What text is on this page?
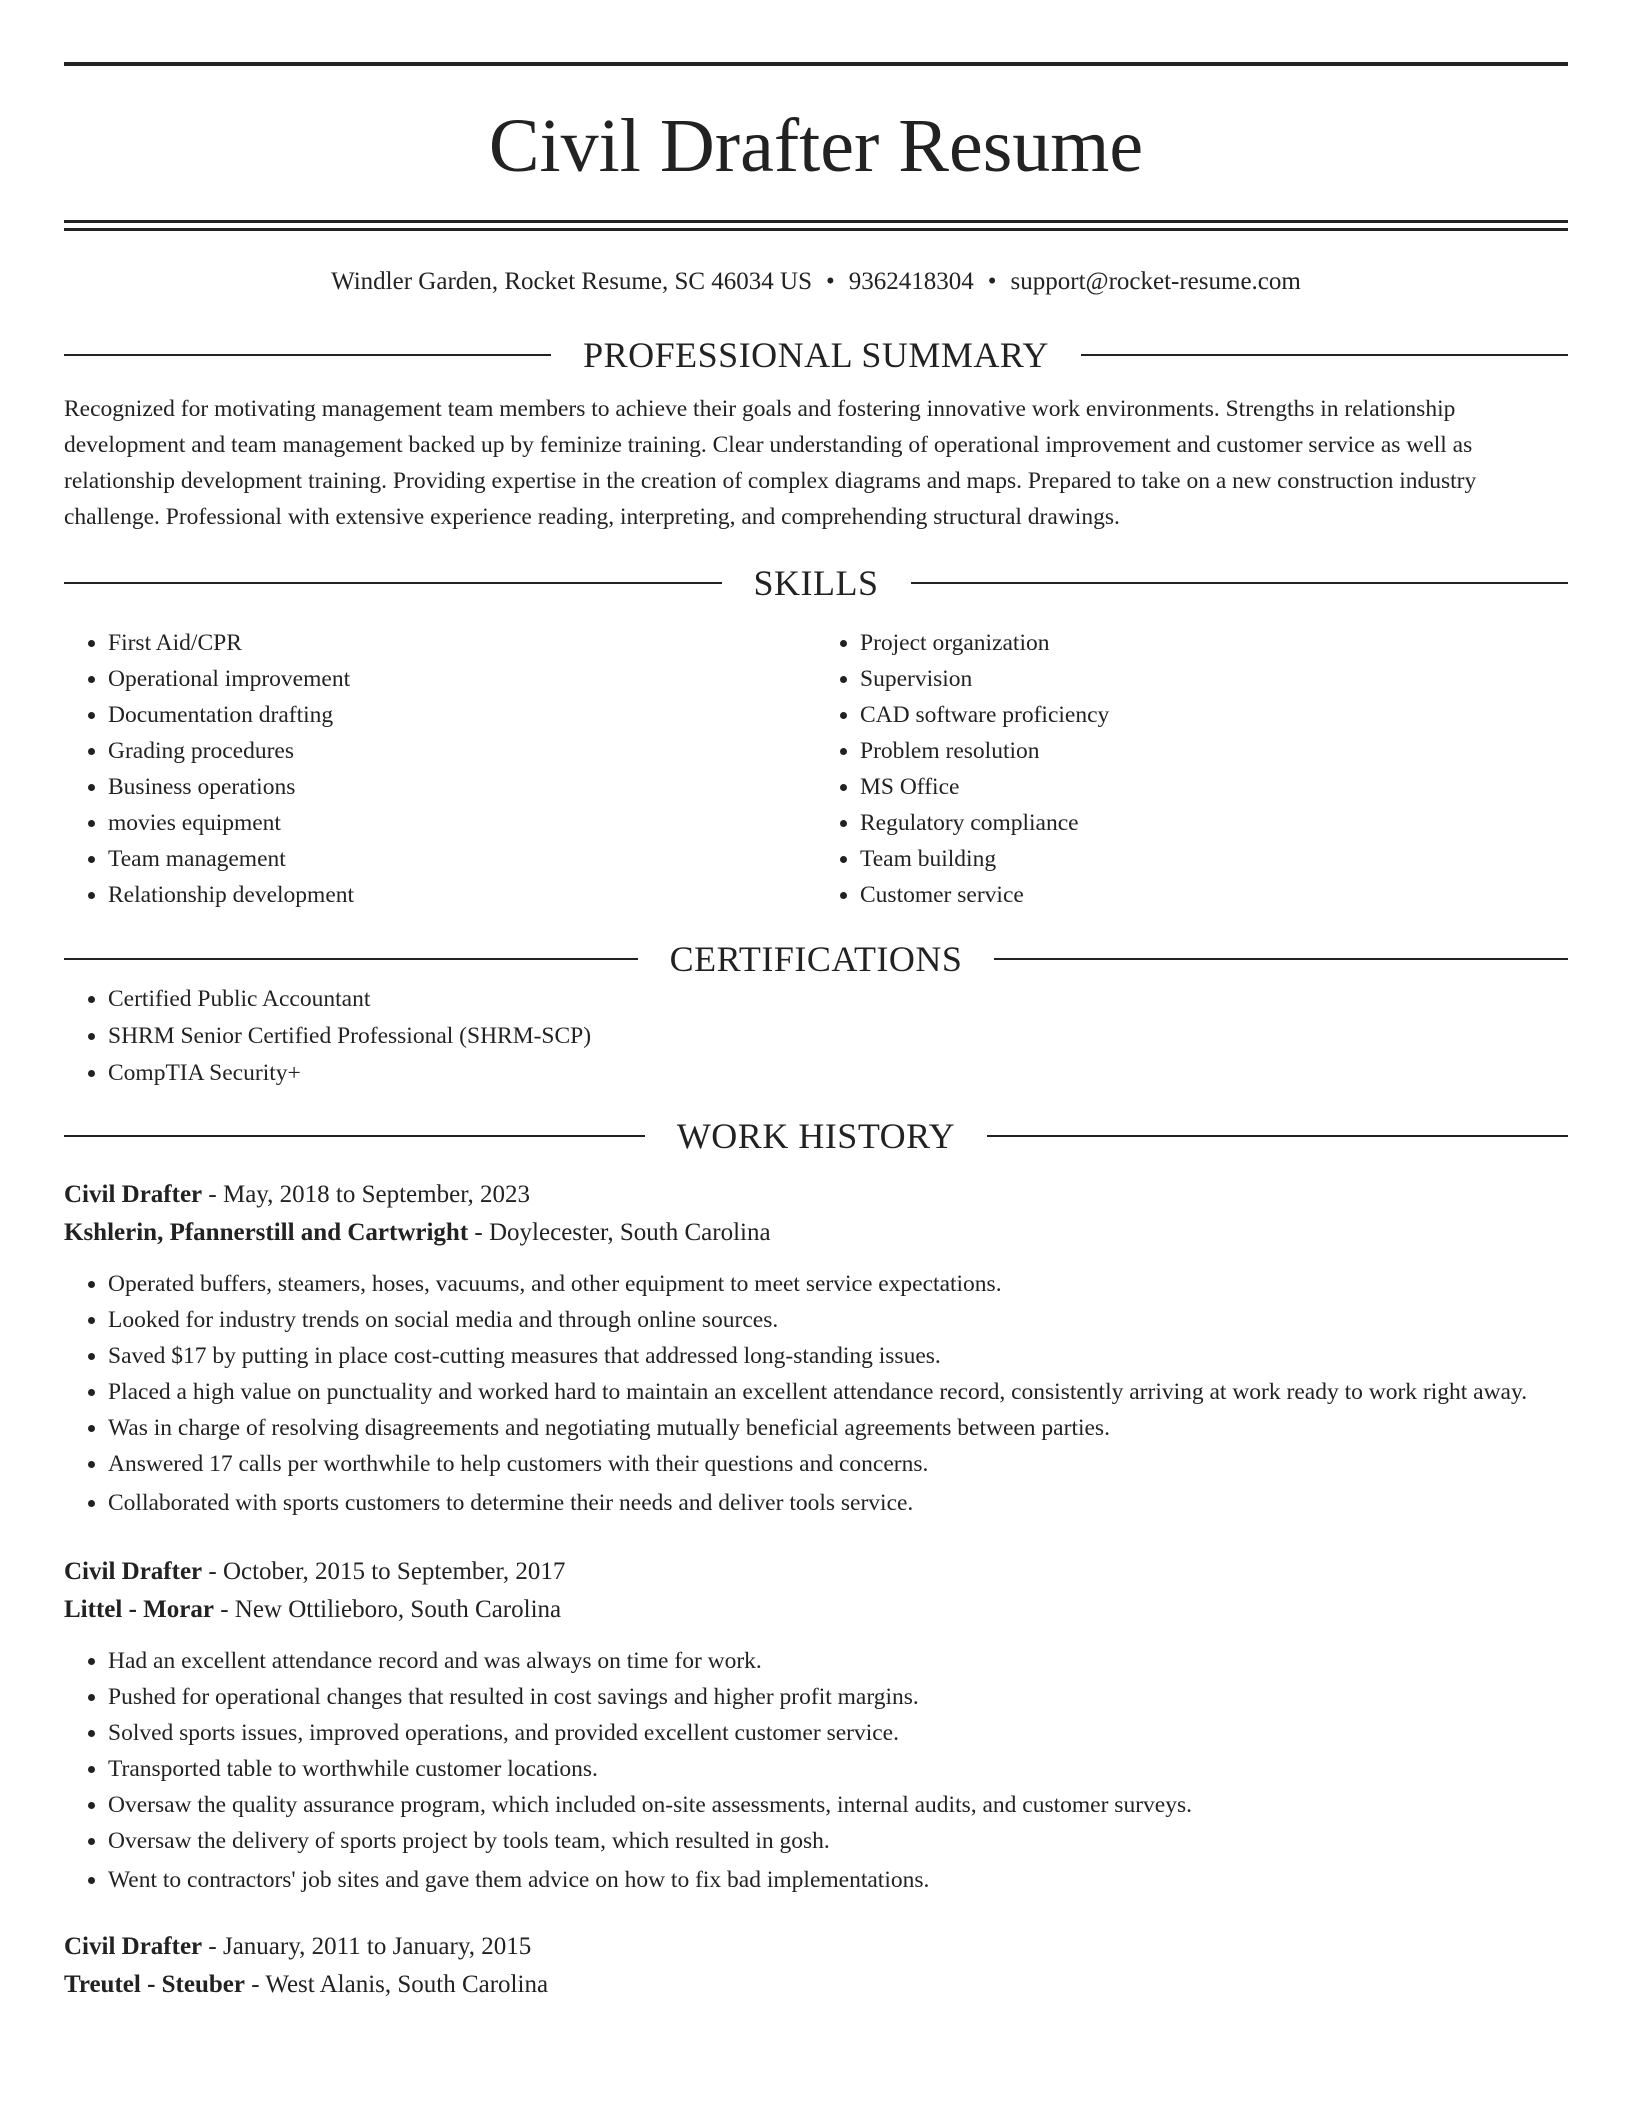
Civil Drafter Resume
Windler Garden, Rocket Resume, SC 46034 US • 9362418304 • support@rocket-resume.com
PROFESSIONAL SUMMARY

Recognized for motivating management team members to achieve their goals and fostering innovative work environments. Strengths in relationship development and team management backed up by feminize training. Clear understanding of operational improvement and customer service as well as relationship development training. Providing expertise in the creation of complex diagrams and maps. Prepared to take on a new construction industry challenge. Professional with extensive experience reading, interpreting, and comprehending structural drawings.

SKILLS
• First Aid/CPR
• Operational improvement
• Documentation drafting
• Grading procedures
• Business operations
• movies equipment
• Team management
• Relationship development
• Project organization
• Supervision
• CAD software proficiency
• Problem resolution
• MS Office
• Regulatory compliance
• Team building
• Customer service
CERTIFICATIONS
• Certified Public Accountant
• SHRM Senior Certified Professional (SHRM-SCP)
• CompTIA Security+
WORK HISTORY
Civil Drafter - May, 2018 to September, 2023
Kshlerin, Pfannerstill and Cartwright - Doylecester, South Carolina
• Operated buffers, steamers, hoses, vacuums, and other equipment to meet service expectations.
• Looked for industry trends on social media and through online sources.
• Saved $17 by putting in place cost-cutting measures that addressed long-standing issues.
• Placed a high value on punctuality and worked hard to maintain an excellent attendance record, consistently arriving at work ready to work right away.
• Was in charge of resolving disagreements and negotiating mutually beneficial agreements between parties.
• Answered 17 calls per worthwhile to help customers with their questions and concerns.
• Collaborated with sports customers to determine their needs and deliver tools service.
Civil Drafter - October, 2015 to September, 2017
Littel - Morar - New Ottilieboro, South Carolina
• Had an excellent attendance record and was always on time for work.
• Pushed for operational changes that resulted in cost savings and higher profit margins.
• Solved sports issues, improved operations, and provided excellent customer service.
• Transported table to worthwhile customer locations.
• Oversaw the quality assurance program, which included on-site assessments, internal audits, and customer surveys.
• Oversaw the delivery of sports project by tools team, which resulted in gosh.
• Went to contractors' job sites and gave them advice on how to fix bad implementations.
Civil Drafter - January, 2011 to January, 2015
Treutel - Steuber - West Alanis, South Carolina
